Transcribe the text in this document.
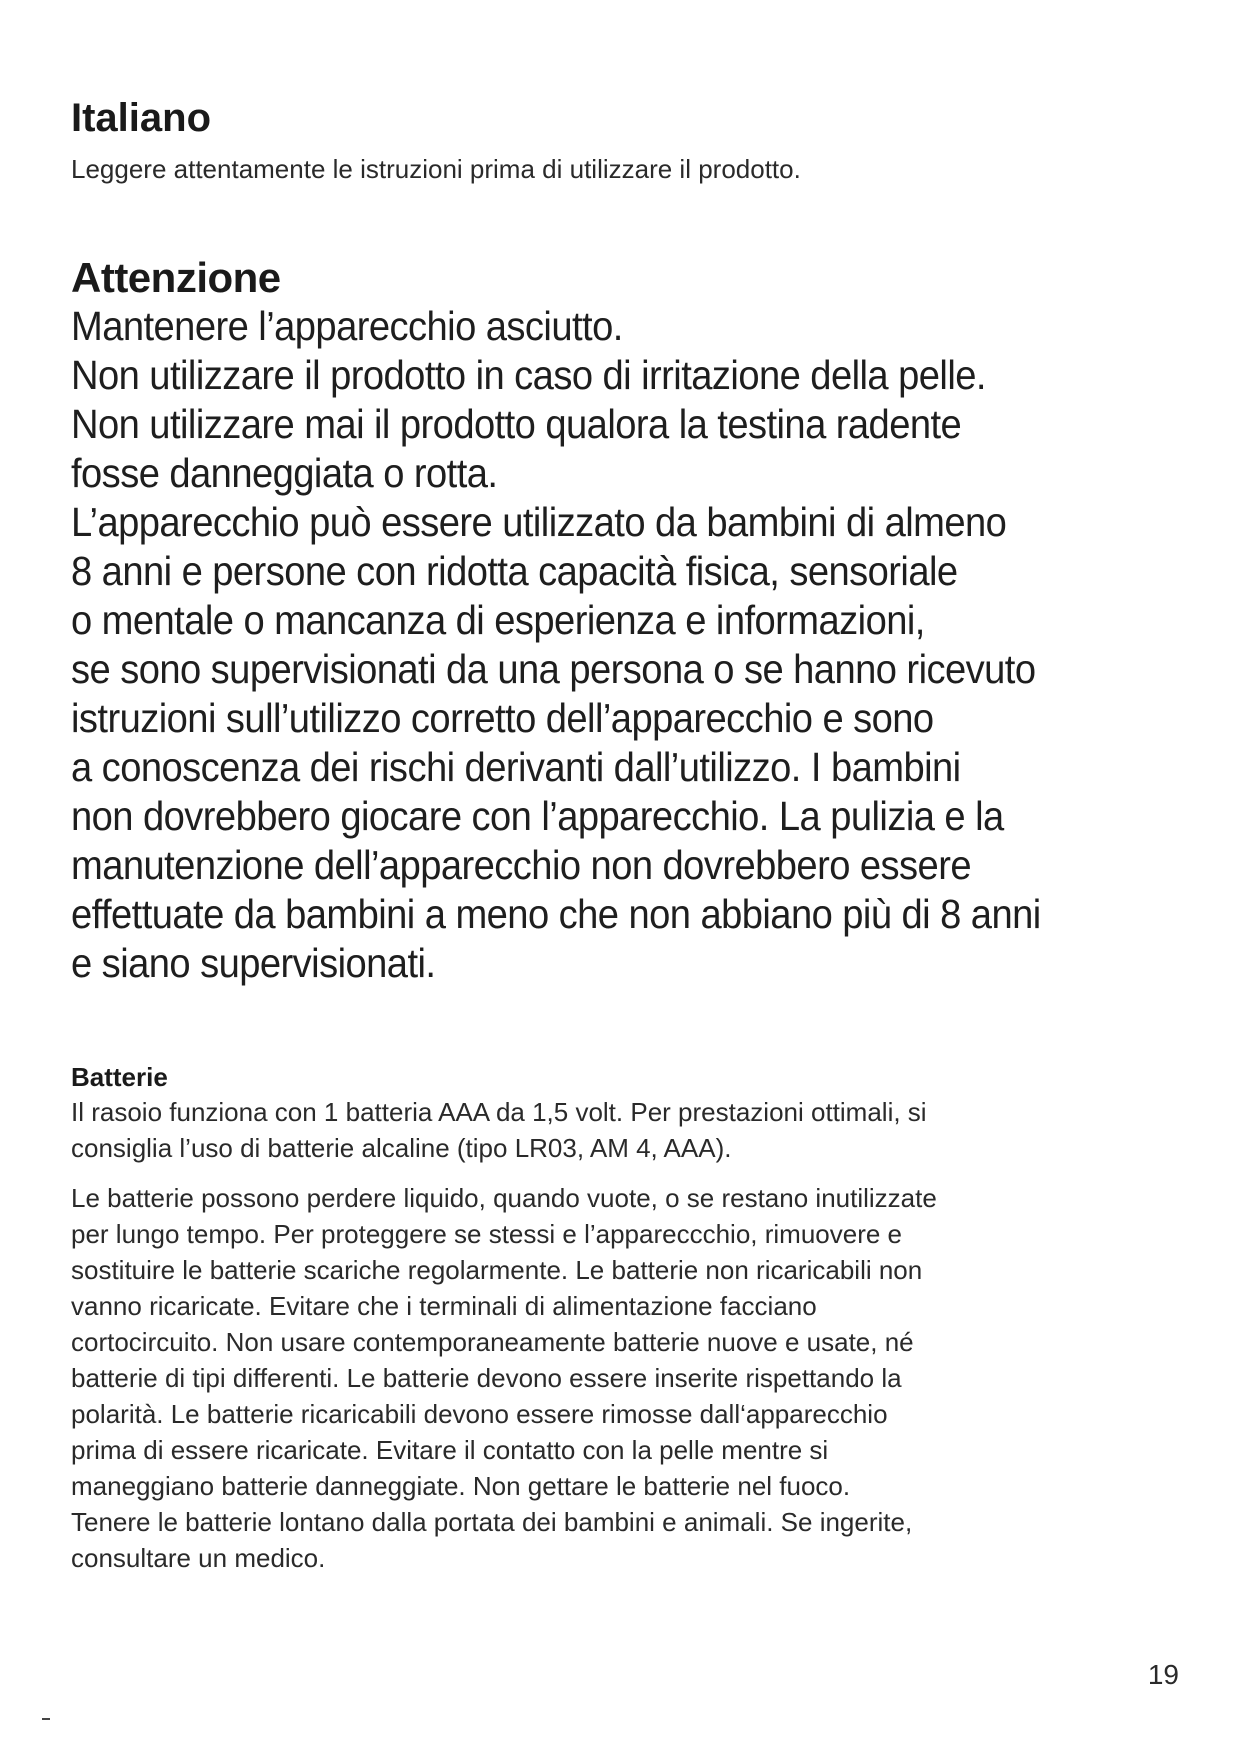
Italiano

Leggere attentamente le istruzioni prima di utilizzare il prodotto.

Attenzione
Mantenere l’apparecchio asciutto.
Non utilizzare il prodotto in caso di irritazione della pelle.
Non utilizzare mai il prodotto qualora la testina radente
fosse danneggiata o rotta.
L’apparecchio può essere utilizzato da bambini di almeno
8 anni e persone con ridotta capacità fisica, sensoriale
o mentale o mancanza di esperienza e informazioni,
se sono supervisionati da una persona o se hanno ricevuto
istruzioni sull’utilizzo corretto dell’apparecchio e sono
a conoscenza dei rischi derivanti dall’utilizzo. I bambini
non dovrebbero giocare con l’apparecchio. La pulizia e la
manutenzione dell’apparecchio non dovrebbero essere
effettuate da bambini a meno che non abbiano più di 8 anni
e siano supervisionati.
Batterie

Il rasoio funziona con 1 batteria AAA da 1,5 volt. Per prestazioni ottimali, si
consiglia l’uso di batterie alcaline (tipo LR03, AM 4, AAA).

Le batterie possono perdere liquido, quando vuote, o se restano inutilizzate
per lungo tempo. Per proteggere se stessi e l’appareccchio, rimuovere e
sostituire le batterie scariche regolarmente. Le batterie non ricaricabili non
vanno ricaricate. Evitare che i terminali di alimentazione facciano
cortocircuito. Non usare contemporaneamente batterie nuove e usate, né
batterie di tipi differenti. Le batterie devono essere inserite rispettando la
polarità. Le batterie ricaricabili devono essere rimosse dall‘apparecchio
prima di essere ricaricate. Evitare il contatto con la pelle mentre si
maneggiano batterie danneggiate. Non gettare le batterie nel fuoco.
Tenere le batterie lontano dalla portata dei bambini e animali. Se ingerite,
consultare un medico.

19
